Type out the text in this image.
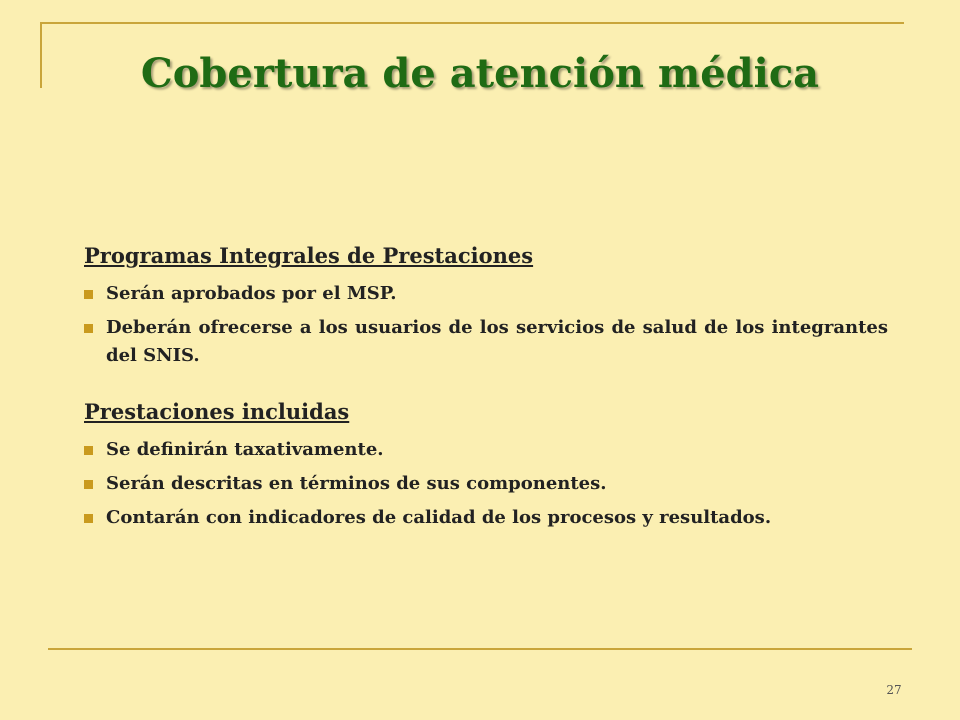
Cobertura de atención médica

Programas Integrales de Prestaciones

Serán aprobados por el MSP.
Deberán ofrecerse a los usuarios de los servicios de salud de los integrantes del SNIS.

Prestaciones incluidas

Se definirán taxativamente.
Serán descritas en términos de sus componentes.
Contarán con indicadores de calidad de los procesos y resultados.
27
